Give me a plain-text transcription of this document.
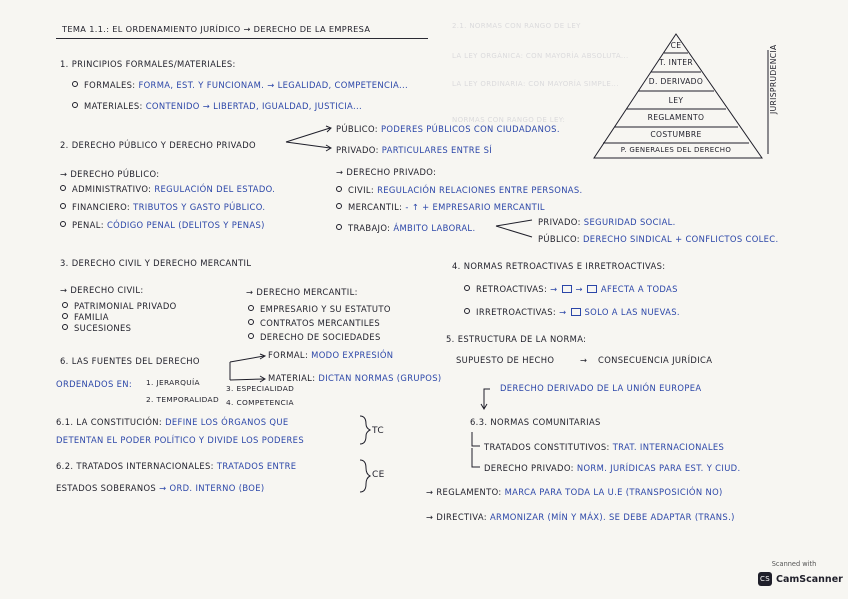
2.1. NORMAS CON RANGO DE LEY
LA LEY ORGÁNICA: CON MAYORÍA ABSOLUTA...
LA LEY ORDINARIA: CON MAYORÍA SIMPLE...
NORMAS CON RANGO DE LEY:
TEMA 1.1.: EL ORDENAMIENTO JURÍDICO → DERECHO DE LA EMPRESA
1. PRINCIPIOS FORMALES/MATERIALES:
FORMALES: FORMA, EST. Y FUNCIONAM. → LEGALIDAD, COMPETENCIA...
MATERIALES: CONTENIDO → LIBERTAD, IGUALDAD, JUSTICIA...
2. DERECHO PÚBLICO Y DERECHO PRIVADO
PÚBLICO: PODERES PÚBLICOS CON CIUDADANOS.
PRIVADO: PARTICULARES ENTRE SÍ
→ DERECHO PÚBLICO:
ADMINISTRATIVO: REGULACIÓN DEL ESTADO.
FINANCIERO: TRIBUTOS Y GASTO PÚBLICO.
PENAL: CÓDIGO PENAL (DELITOS Y PENAS)
→ DERECHO PRIVADO:
CIVIL: REGULACIÓN RELACIONES ENTRE PERSONAS.
MERCANTIL: - ↑ + EMPRESARIO MERCANTIL
TRABAJO: ÁMBITO LABORAL.
PRIVADO: SEGURIDAD SOCIAL.
PÚBLICO: DERECHO SINDICAL + CONFLICTOS COLEC.
3. DERECHO CIVIL Y DERECHO MERCANTIL
→ DERECHO CIVIL:
PATRIMONIAL PRIVADO
FAMILIA
SUCESIONES
→ DERECHO MERCANTIL:
EMPRESARIO Y SU ESTATUTO
CONTRATOS MERCANTILES
DERECHO DE SOCIEDADES
4. NORMAS RETROACTIVAS E IRRETROACTIVAS:
RETROACTIVAS: → → AFECTA A TODAS
IRRETROACTIVAS: → SOLO A LAS NUEVAS.
5. ESTRUCTURA DE LA NORMA:
SUPUESTO DE HECHO	→ CONSECUENCIA JURÍDICA
6. LAS FUENTES DEL DERECHO
FORMAL: MODO EXPRESIÓN
MATERIAL: DICTAN NORMAS (GRUPOS)
ORDENADOS EN: 1. JERARQUÍA
2. TEMPORALIDAD
3. ESPECIALIDAD
4. COMPETENCIA
6.1. LA CONSTITUCIÓN: DEFINE LOS ÓRGANOS QUE
DETENTAN EL PODER POLÍTICO Y DIVIDE LOS PODERES
TC
6.2. TRATADOS INTERNACIONALES: TRATADOS ENTRE
ESTADOS SOBERANOS → ORD. INTERNO (BOE)
CE
DERECHO DERIVADO DE LA UNIÓN EUROPEA
6.3. NORMAS COMUNITARIAS
TRATADOS CONSTITUTIVOS: TRAT. INTERNACIONALES
DERECHO PRIVADO: NORM. JURÍDICAS PARA EST. Y CIUD.
→ REGLAMENTO: MARCA PARA TODA LA U.E (TRANSPOSICIÓN NO)
→ DIRECTIVA: ARMONIZAR (MÍN Y MÁX). SE DEBE ADAPTAR (TRANS.)
CE
T. INTER
D. DERIVADO
LEY
REGLAMENTO
COSTUMBRE
P. GENERALES DEL DERECHO
JURISPRUDENCIA
Scanned with
CS CamScanner
